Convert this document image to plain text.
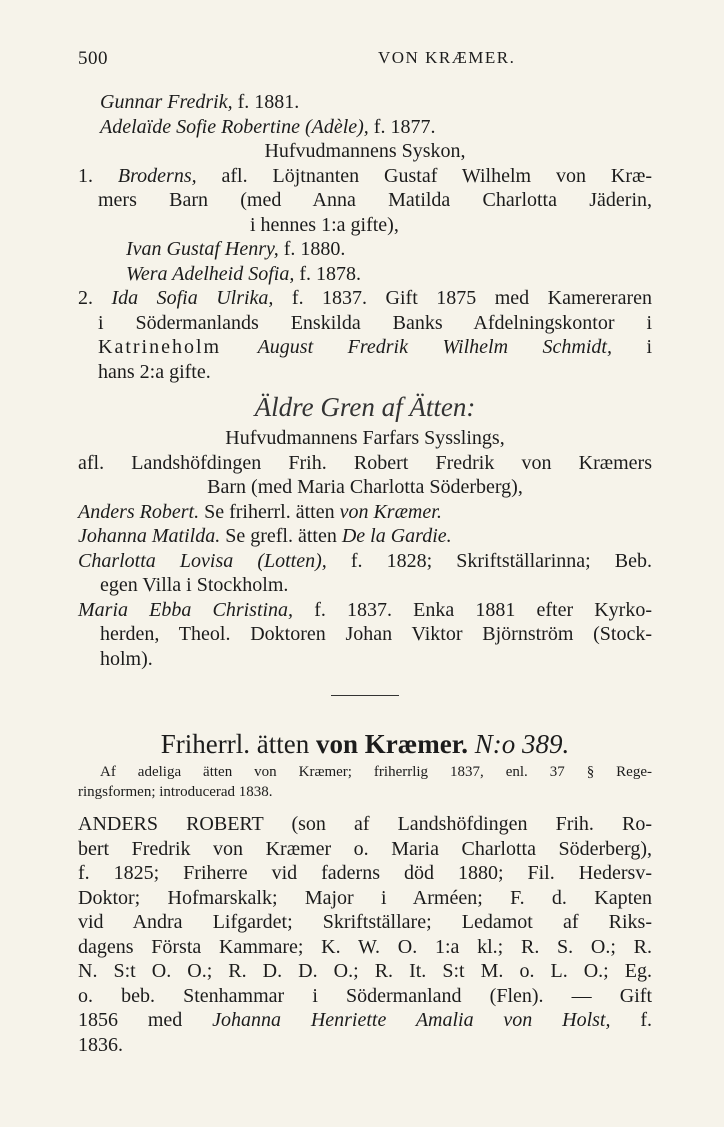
500	VON KRÆMER.
Gunnar Fredrik, f. 1881.
Adelaïde Sofie Robertine (Adèle), f. 1877.
Hufvudmannens Syskon,
1. Broderns, afl. Löjtnanten Gustaf Wilhelm von Kræ-
mers Barn (med Anna Matilda Charlotta Jäderin,
i hennes 1:a gifte),
Ivan Gustaf Henry, f. 1880.
Wera Adelheid Sofia, f. 1878.
2. Ida Sofia Ulrika, f. 1837. Gift 1875 med Kamereraren
i Södermanlands Enskilda Banks Afdelningskontor i
Katrineholm August Fredrik Wilhelm Schmidt, i
hans 2:a gifte.
Äldre Gren af Ätten:
Hufvudmannens Farfars Sysslings,
afl. Landshöfdingen Frih. Robert Fredrik von Kræmers
Barn (med Maria Charlotta Söderberg),
Anders Robert. Se friherrl. ätten von Kræmer.
Johanna Matilda. Se grefl. ätten De la Gardie.
Charlotta Lovisa (Lotten), f. 1828; Skriftställarinna; Beb.
egen Villa i Stockholm.
Maria Ebba Christina, f. 1837. Enka 1881 efter Kyrko-
herden, Theol. Doktoren Johan Viktor Björnström (Stock-
holm).
Friherrl. ätten von Kræmer. N:o 389.
Af adeliga ätten von Kræmer; friherrlig 1837, enl. 37 § Rege-
ringsformen; introducerad 1838.
ANDERS ROBERT (son af Landshöfdingen Frih. Ro-
bert Fredrik von Kræmer o. Maria Charlotta Söderberg),
f. 1825; Friherre vid faderns död 1880; Fil. Hedersv-
Doktor; Hofmarskalk; Major i Arméen; F. d. Kapten
vid Andra Lifgardet; Skriftställare; Ledamot af Riks-
dagens Första Kammare; K. W. O. 1:a kl.; R. S. O.; R.
N. S:t O. O.; R. D. D. O.; R. It. S:t M. o. L. O.; Eg.
o. beb. Stenhammar i Södermanland (Flen). — Gift
1856 med Johanna Henriette Amalia von Holst, f.
1836.
